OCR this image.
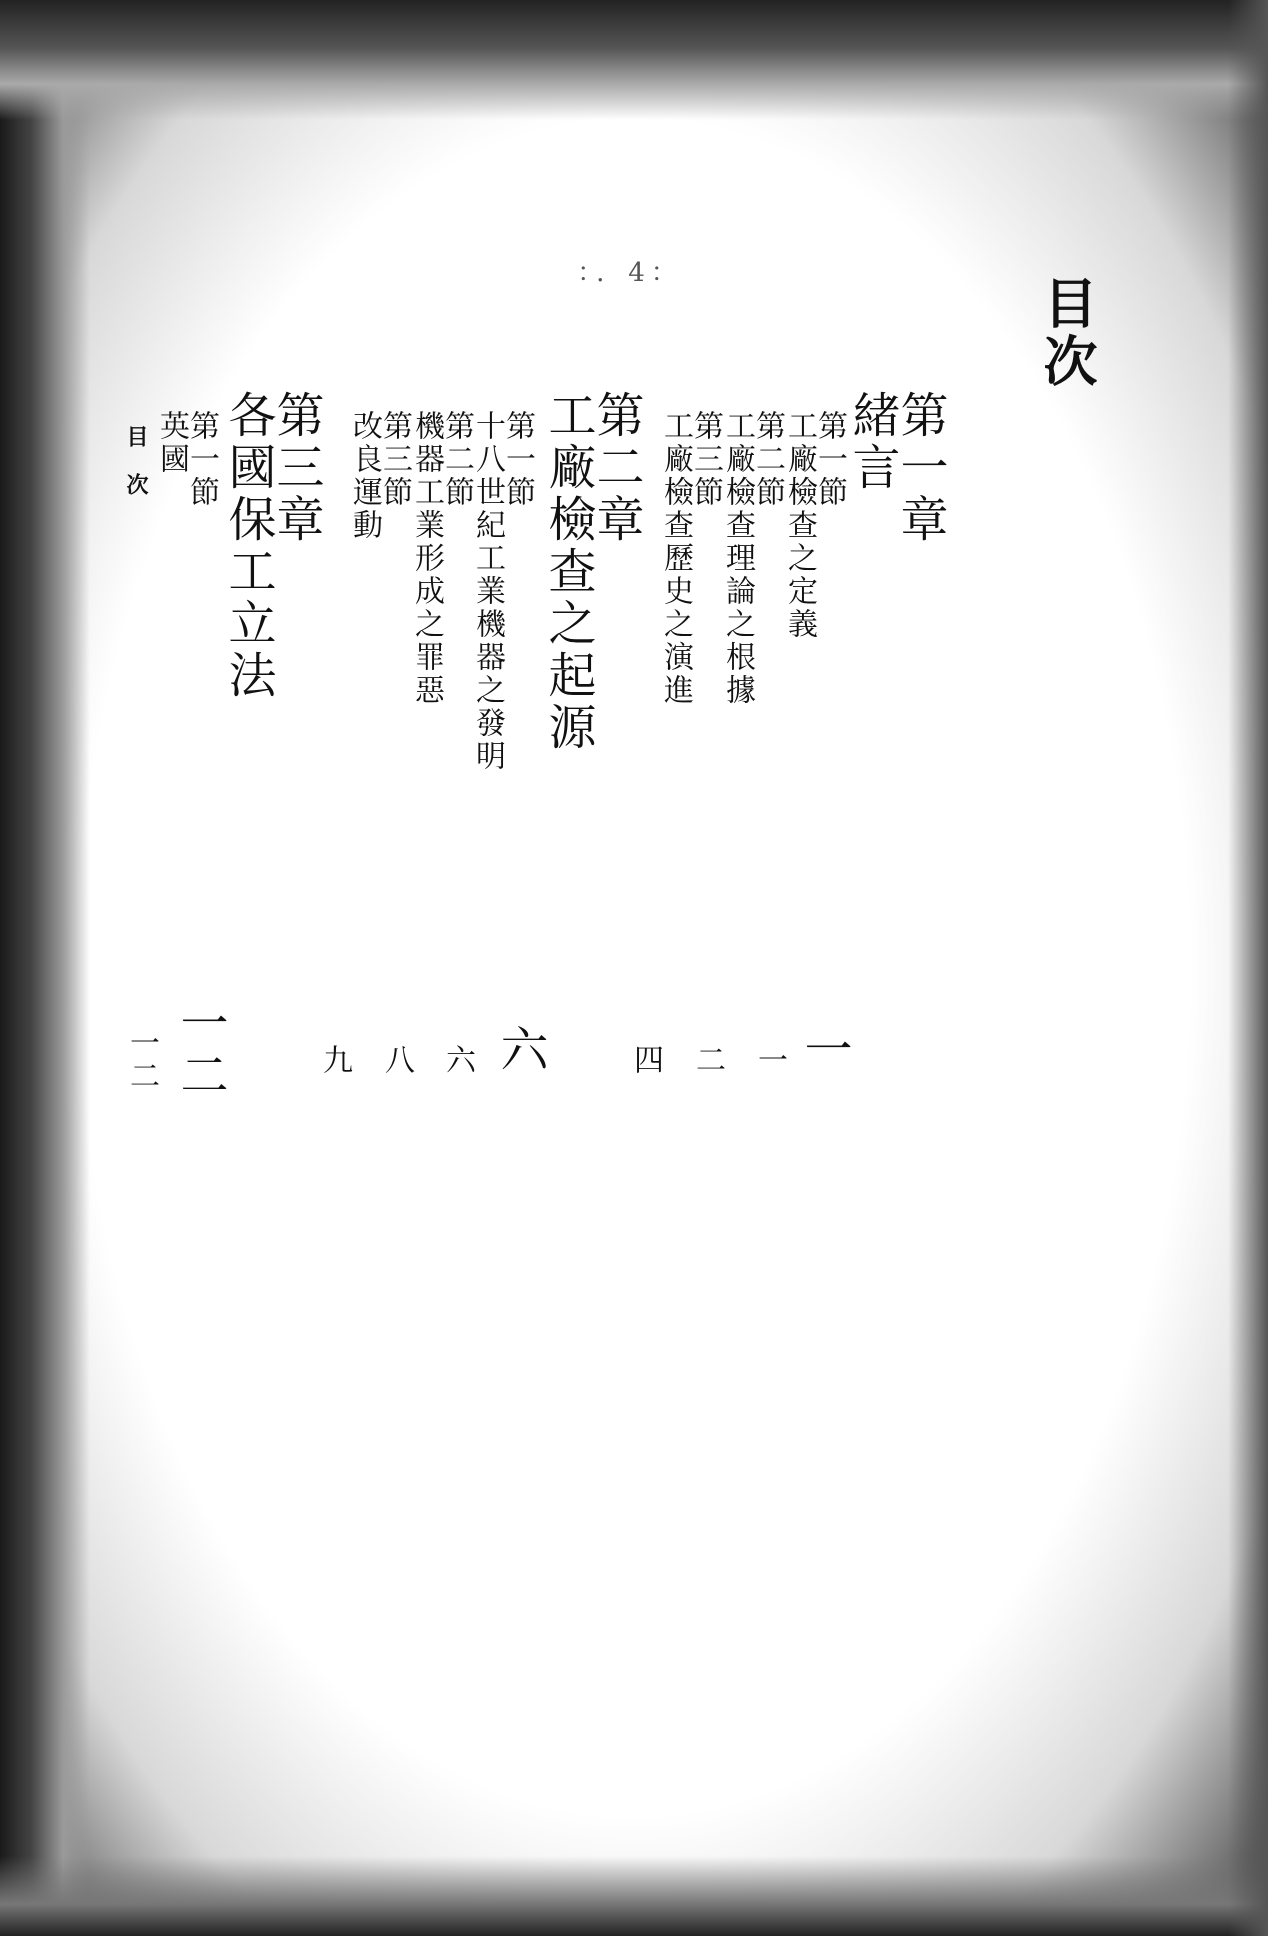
：．4：
目次
第一章
緒言
一
第一節
工廠檢查之定義
一
第二節
工廠檢查理論之根據
二
第三節
工廠檢查歷史之演進
四
第二章
工廠檢查之起源
六
第一節
十八世紀工業機器之發明
六
第二節
機器工業形成之罪惡
八
第三節
改良運動
九
第三章
各國保工立法
一二
第一節
英國
一二
目次
